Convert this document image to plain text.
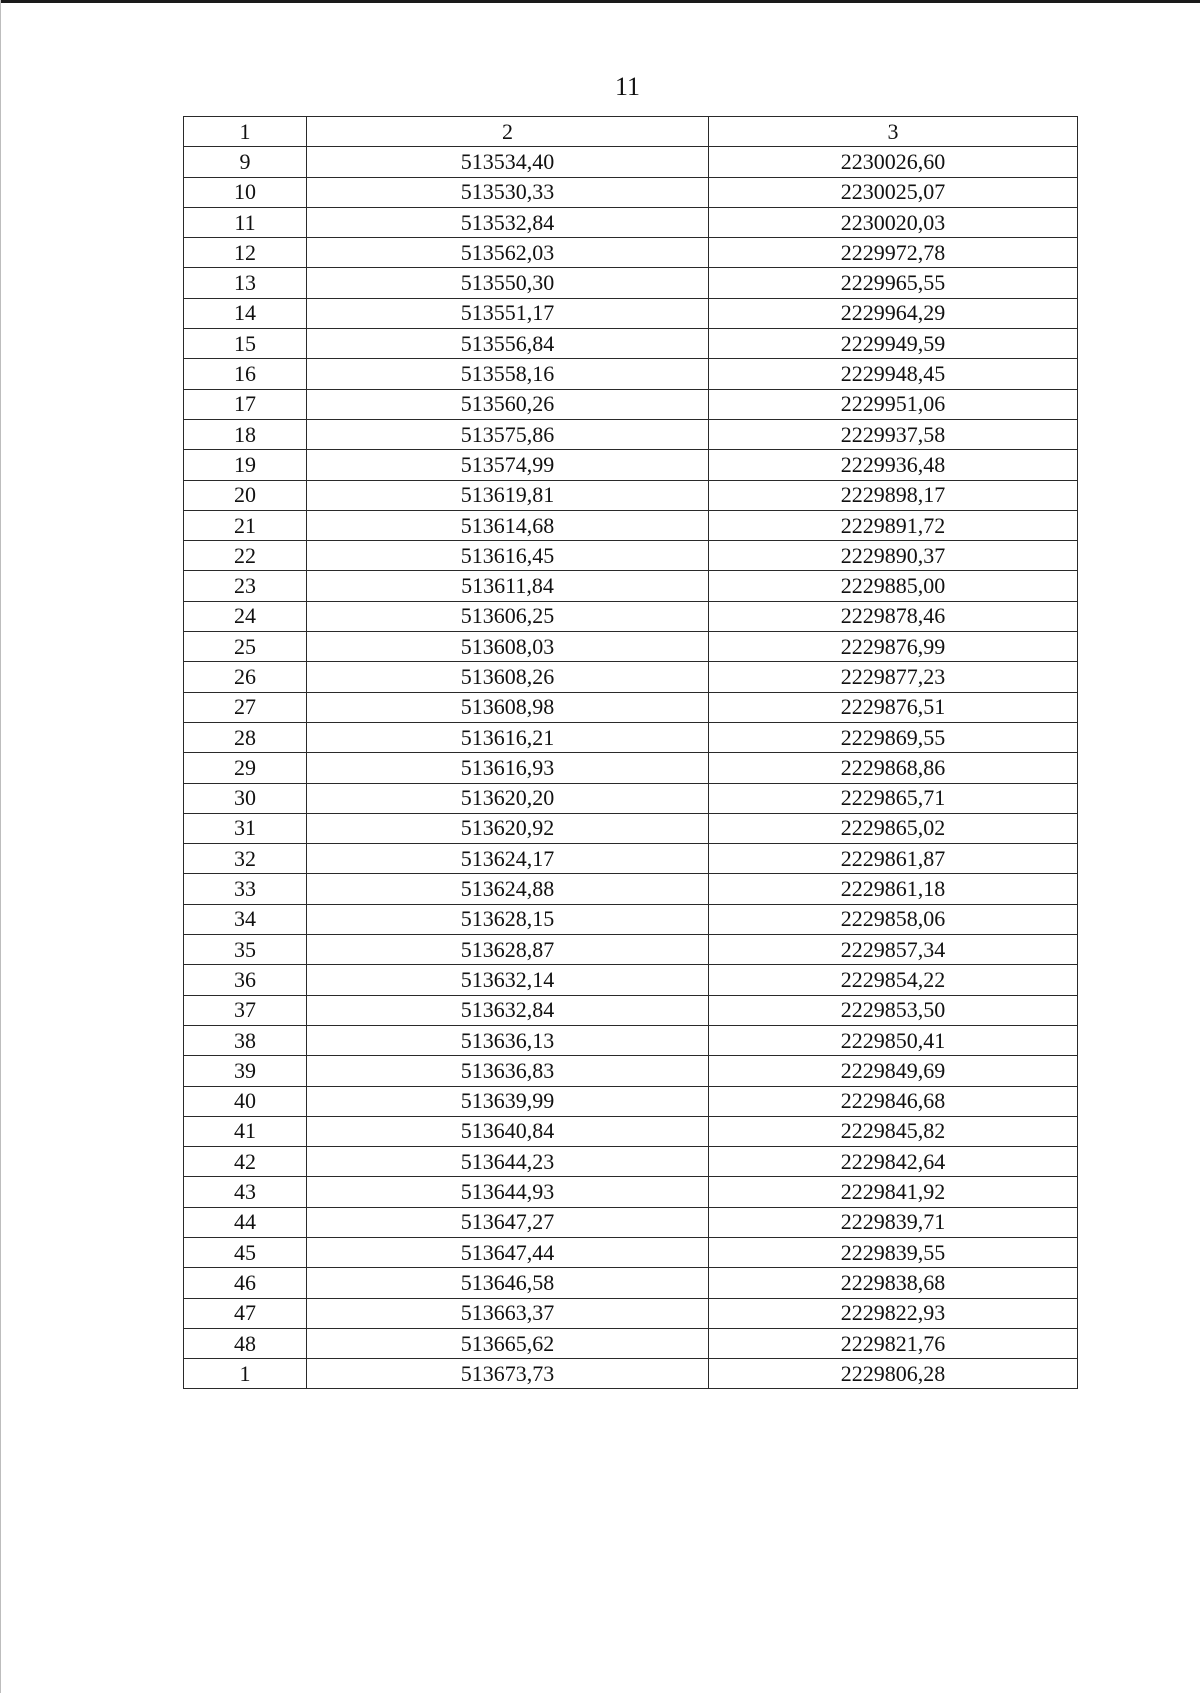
11
1	2	3
9	513534,40	2230026,60
10	513530,33	2230025,07
11	513532,84	2230020,03
12	513562,03	2229972,78
13	513550,30	2229965,55
14	513551,17	2229964,29
15	513556,84	2229949,59
16	513558,16	2229948,45
17	513560,26	2229951,06
18	513575,86	2229937,58
19	513574,99	2229936,48
20	513619,81	2229898,17
21	513614,68	2229891,72
22	513616,45	2229890,37
23	513611,84	2229885,00
24	513606,25	2229878,46
25	513608,03	2229876,99
26	513608,26	2229877,23
27	513608,98	2229876,51
28	513616,21	2229869,55
29	513616,93	2229868,86
30	513620,20	2229865,71
31	513620,92	2229865,02
32	513624,17	2229861,87
33	513624,88	2229861,18
34	513628,15	2229858,06
35	513628,87	2229857,34
36	513632,14	2229854,22
37	513632,84	2229853,50
38	513636,13	2229850,41
39	513636,83	2229849,69
40	513639,99	2229846,68
41	513640,84	2229845,82
42	513644,23	2229842,64
43	513644,93	2229841,92
44	513647,27	2229839,71
45	513647,44	2229839,55
46	513646,58	2229838,68
47	513663,37	2229822,93
48	513665,62	2229821,76
1	513673,73	2229806,28
